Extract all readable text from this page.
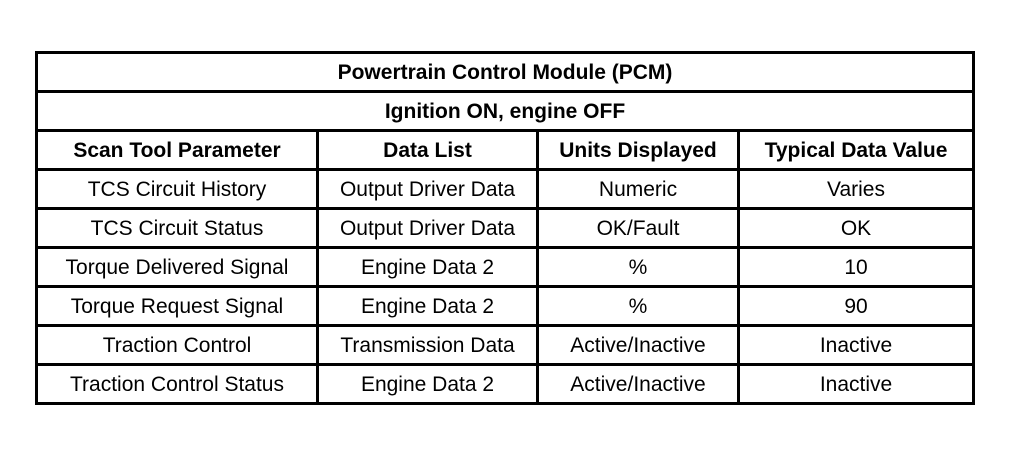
Powertrain Control Module (PCM)			
Ignition ON, engine OFF			
Scan Tool Parameter	Data List	Units Displayed	Typical Data Value
TCS Circuit History	Output Driver Data	Numeric	Varies
TCS Circuit Status	Output Driver Data	OK/Fault	OK
Torque Delivered Signal	Engine Data 2	%	10
Torque Request Signal	Engine Data 2	%	90
Traction Control	Transmission Data	Active/Inactive	Inactive
Traction Control Status	Engine Data 2	Active/Inactive	Inactive
